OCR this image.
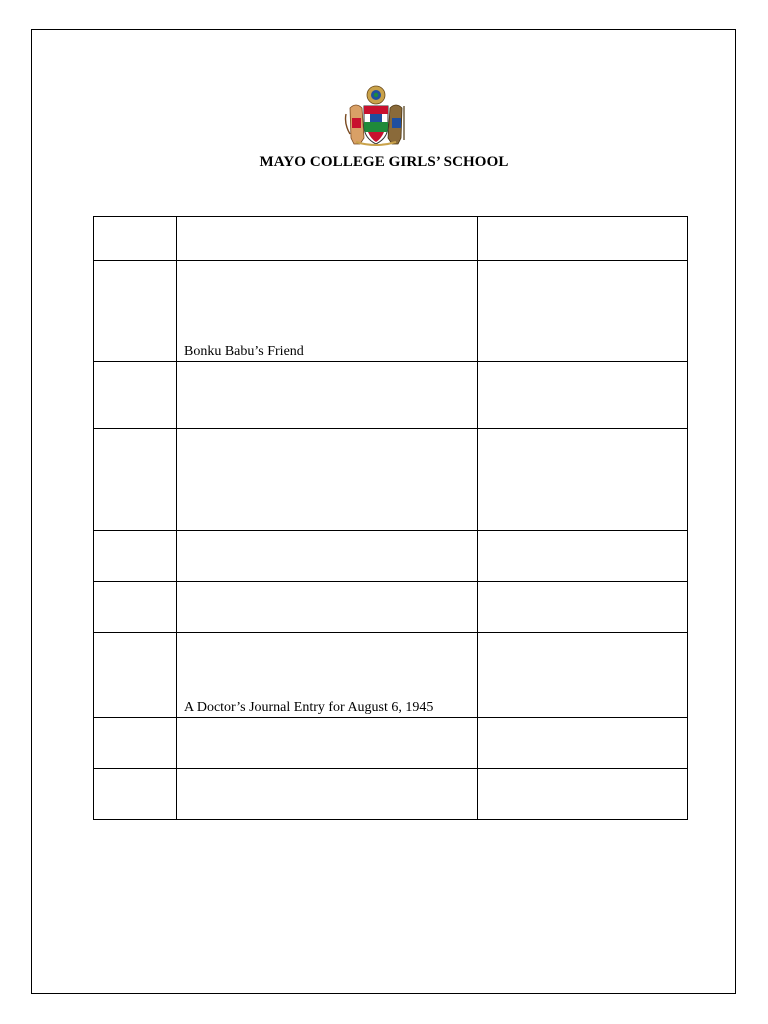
MAYO COLLEGE GIRLS’ SCHOOL

	Bonku Babu’s Friend	

	A Doctor’s Journal Entry for August 6, 1945	
